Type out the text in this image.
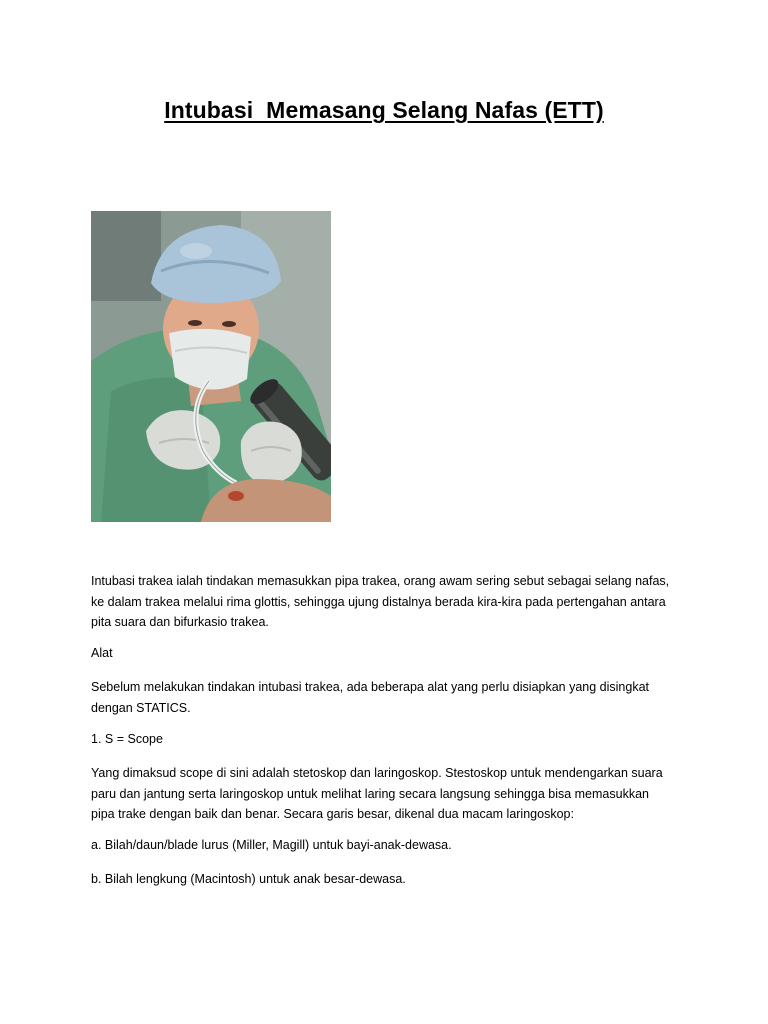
Intubasi  Memasang Selang Nafas (ETT)

Intubasi trakea ialah tindakan memasukkan pipa trakea, orang awam sering sebut sebagai selang nafas,
ke dalam trakea melalui rima glottis, sehingga ujung distalnya berada kira-kira pada pertengahan antara
pita suara dan bifurkasio trakea.

Alat

Sebelum melakukan tindakan intubasi trakea, ada beberapa alat yang perlu disiapkan yang disingkat
dengan STATICS.

1. S = Scope

Yang dimaksud scope di sini adalah stetoskop dan laringoskop. Stestoskop untuk mendengarkan suara
paru dan jantung serta laringoskop untuk melihat laring secara langsung sehingga bisa memasukkan
pipa trake dengan baik dan benar. Secara garis besar, dikenal dua macam laringoskop:

a. Bilah/daun/blade lurus (Miller, Magill) untuk bayi-anak-dewasa.

b. Bilah lengkung (Macintosh) untuk anak besar-dewasa.
